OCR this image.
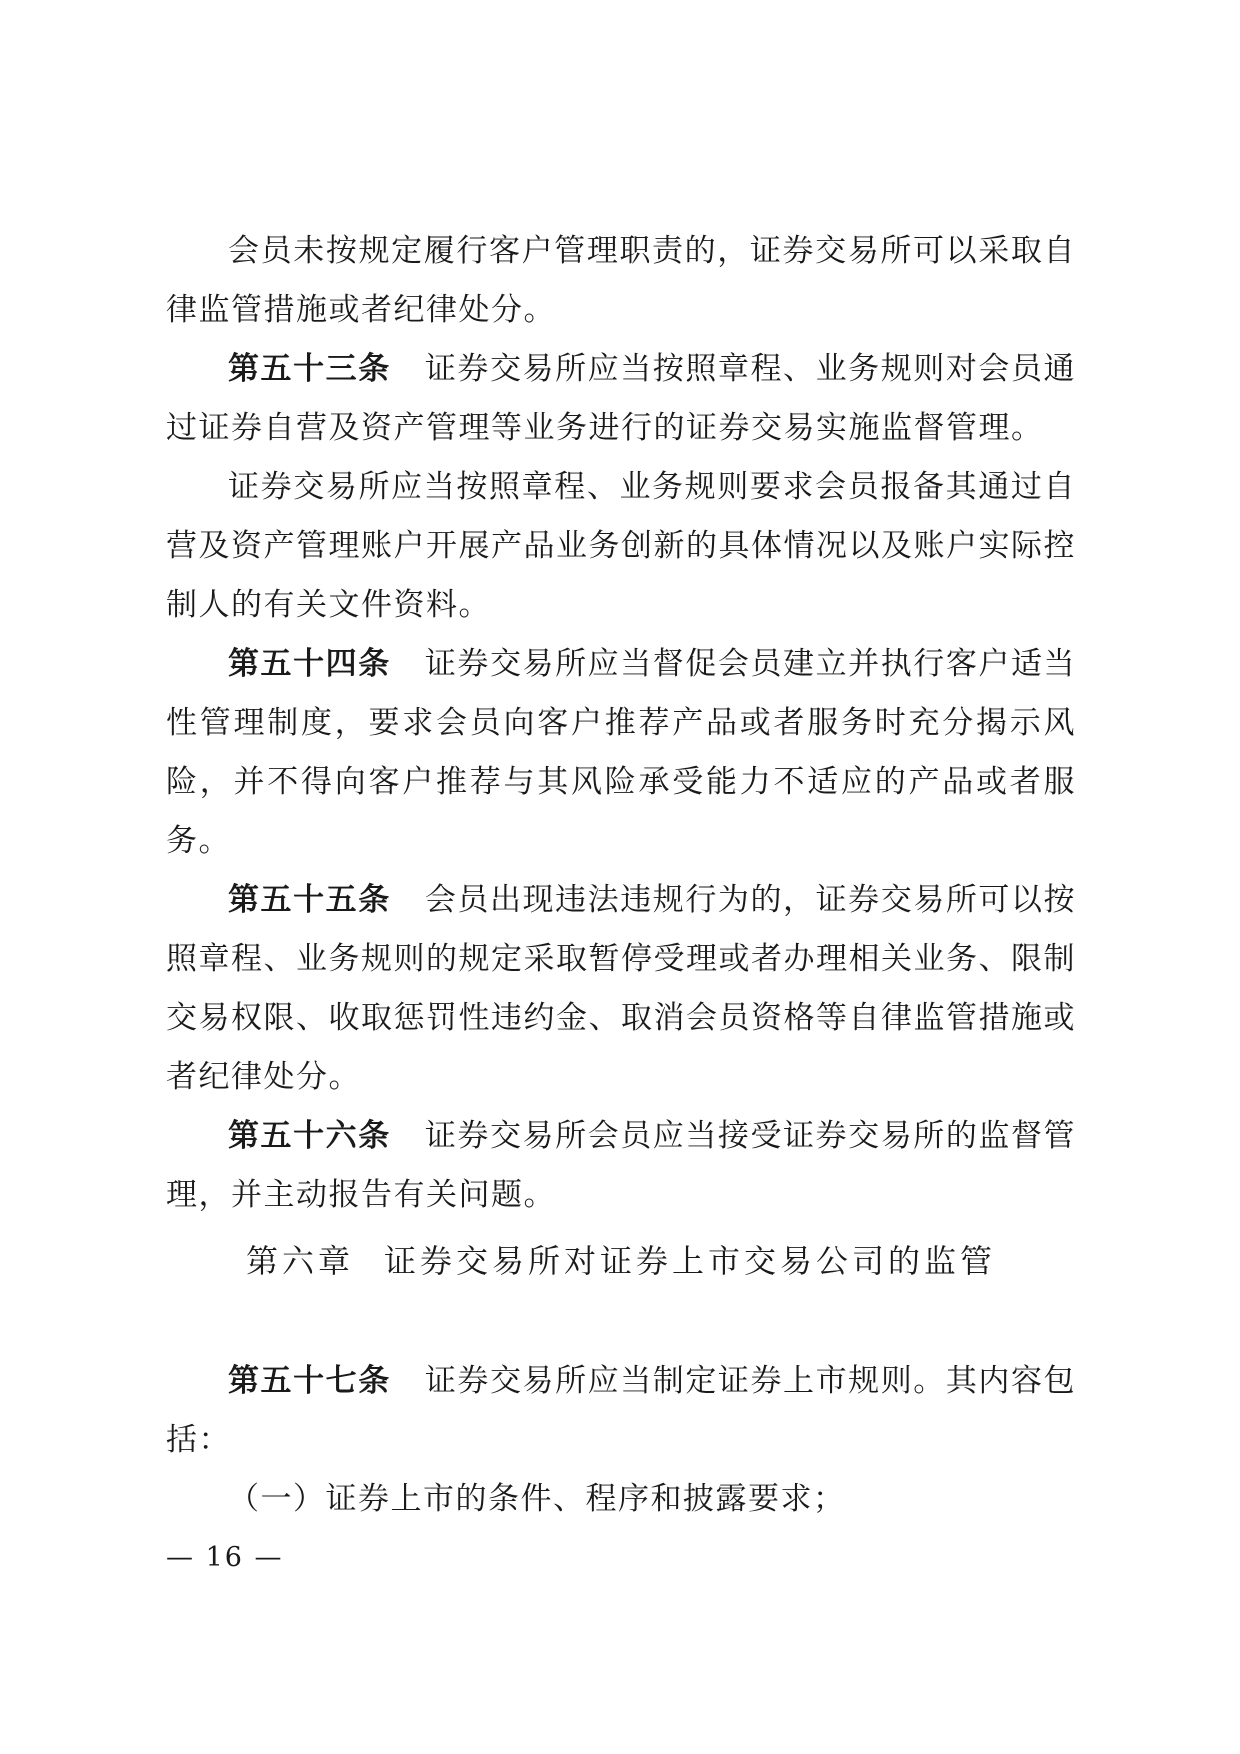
会员未按规定履行客户管理职责的，证券交易所可以采取自律监管措施或者纪律处分。

第五十三条 证券交易所应当按照章程、业务规则对会员通过证券自营及资产管理等业务进行的证券交易实施监督管理。

证券交易所应当按照章程、业务规则要求会员报备其通过自营及资产管理账户开展产品业务创新的具体情况以及账户实际控制人的有关文件资料。

第五十四条 证券交易所应当督促会员建立并执行客户适当性管理制度，要求会员向客户推荐产品或者服务时充分揭示风险，并不得向客户推荐与其风险承受能力不适应的产品或者服务。

第五十五条 会员出现违法违规行为的，证券交易所可以按照章程、业务规则的规定采取暂停受理或者办理相关业务、限制交易权限、收取惩罚性违约金、取消会员资格等自律监管措施或者纪律处分。

第五十六条 证券交易所会员应当接受证券交易所的监督管理，并主动报告有关问题。

第六章 证券交易所对证券上市交易公司的监管

第五十七条 证券交易所应当制定证券上市规则。其内容包括：

（一）证券上市的条件、程序和披露要求；

— 16 —
